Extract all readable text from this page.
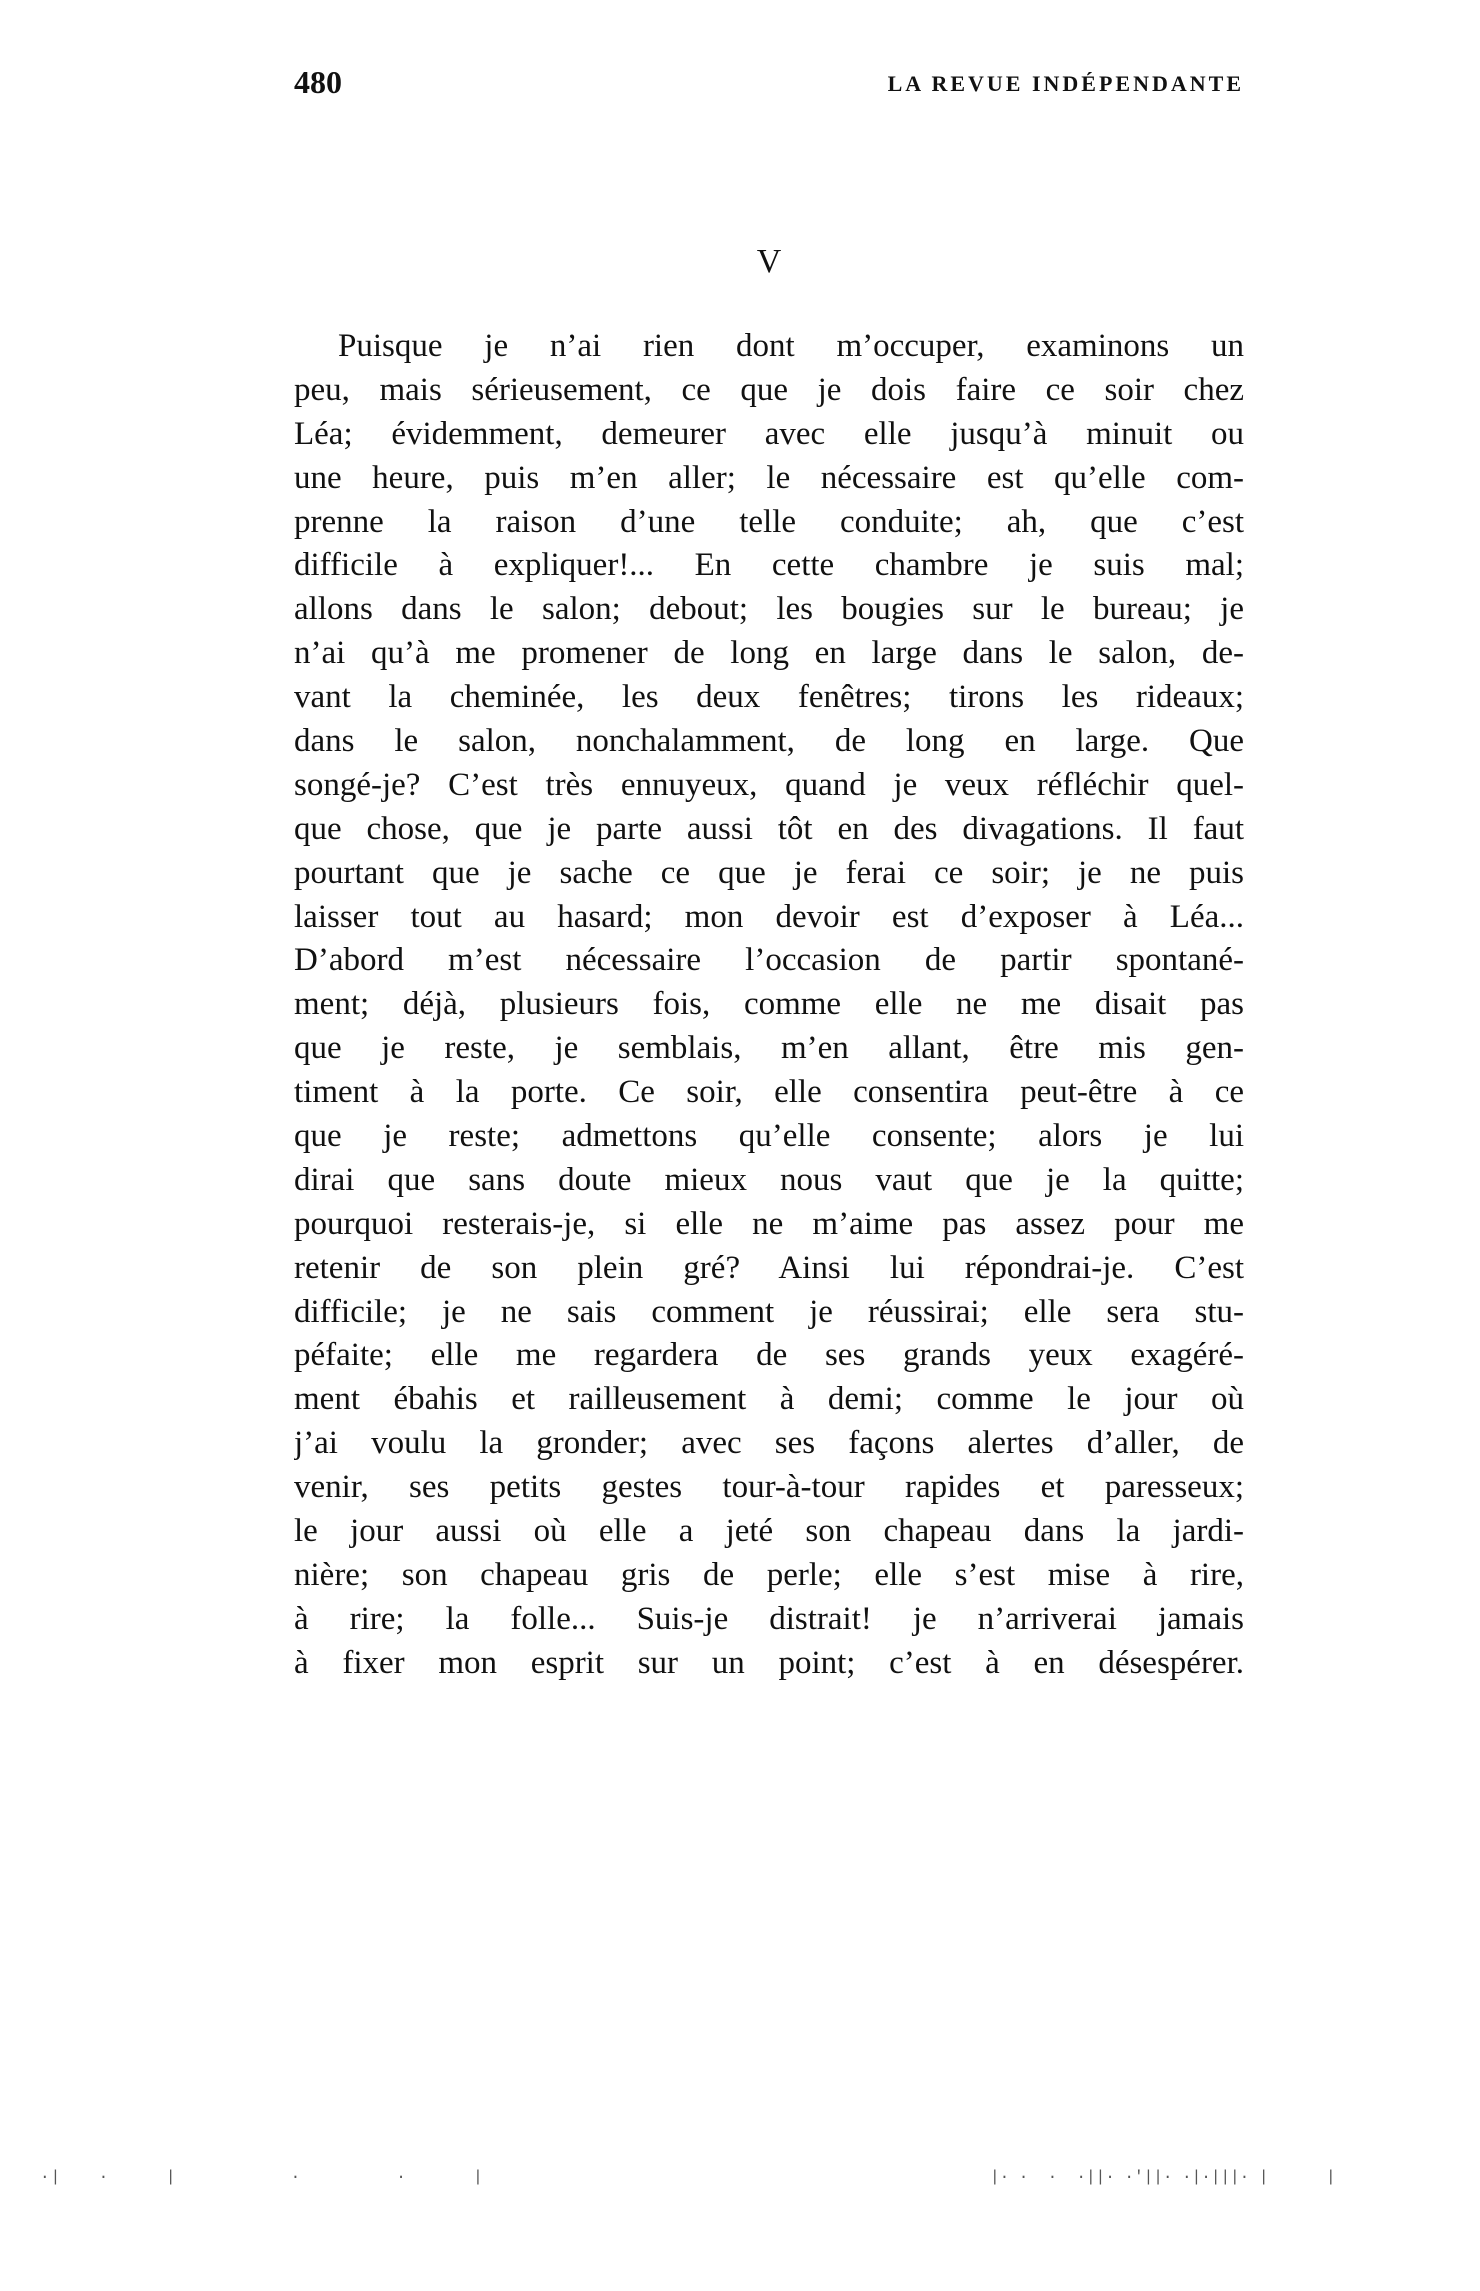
480	LA REVUE INDÉPENDANTE
V
Puisque je n’ai rien dont m’occuper, examinons un
peu, mais sérieusement, ce que je dois faire ce soir chez
Léa; évidemment, demeurer avec elle jusqu’à minuit ou
une heure, puis m’en aller; le nécessaire est qu’elle com-
prenne la raison d’une telle conduite; ah, que c’est
difficile à expliquer!... En cette chambre je suis mal;
allons dans le salon; debout; les bougies sur le bureau; je
n’ai qu’à me promener de long en large dans le salon, de-
vant la cheminée, les deux fenêtres; tirons les rideaux;
dans le salon, nonchalamment, de long en large. Que
songé-je? C’est très ennuyeux, quand je veux réfléchir quel-
que chose, que je parte aussi tôt en des divagations. Il faut
pourtant que je sache ce que je ferai ce soir; je ne puis
laisser tout au hasard; mon devoir est d’exposer à Léa...
D’abord m’est nécessaire l’occasion de partir spontané-
ment; déjà, plusieurs fois, comme elle ne me disait pas
que je reste, je semblais, m’en allant, être mis gen-
timent à la porte. Ce soir, elle consentira peut-être à ce
que je reste; admettons qu’elle consente; alors je lui
dirai que sans doute mieux nous vaut que je la quitte;
pourquoi resterais-je, si elle ne m’aime pas assez pour me
retenir de son plein gré? Ainsi lui répondrai-je. C’est
difficile; je ne sais comment je réussirai; elle sera stu-
péfaite; elle me regardera de ses grands yeux exagéré-
ment ébahis et railleusement à demi; comme le jour où
j’ai voulu la gronder; avec ses façons alertes d’aller, de
venir, ses petits gestes tour-à-tour rapides et paresseux;
le jour aussi où elle a jeté son chapeau dans la jardi-
nière; son chapeau gris de perle; elle s’est mise à rire,
à rire; la folle... Suis-je distrait! je n’arriverai jamais
à fixer mon esprit sur un point; c’est à en désespérer.
· |    ·      |            ·          ·       |	|· ·  ·  ·||· ·'||· ·|·|||· |      |
